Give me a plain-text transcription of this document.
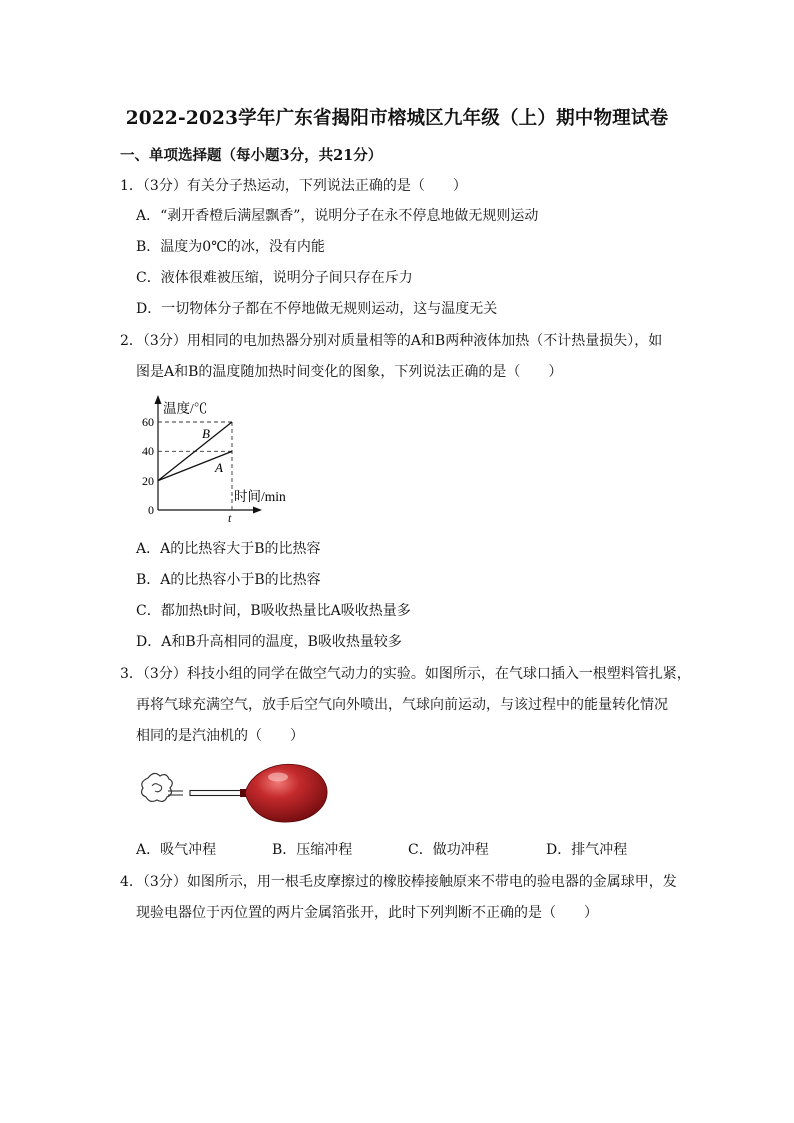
2022-2023学年广东省揭阳市榕城区九年级（上）期中物理试卷
一、单项选择题（每小题3分，共21分）
1．（3分）有关分子热运动，下列说法正确的是（　　）
A．“剥开香橙后满屋飘香”，说明分子在永不停息地做无规则运动
B．温度为0℃的冰，没有内能
C．液体很难被压缩，说明分子间只存在斥力
D．一切物体分子都在不停地做无规则运动，这与温度无关
2．（3分）用相同的电加热器分别对质量相等的A和B两种液体加热（不计热量损失），如
图是A和B的温度随加热时间变化的图象，下列说法正确的是（　　）
温度/℃
时间/min
0
20
40
60
t
B
A
A．A的比热容大于B的比热容
B．A的比热容小于B的比热容
C．都加热t时间，B吸收热量比A吸收热量多
D．A和B升高相同的温度，B吸收热量较多
3．（3分）科技小组的同学在做空气动力的实验。如图所示，在气球口插入一根塑料管扎紧，
再将气球充满空气，放手后空气向外喷出，气球向前运动，与该过程中的能量转化情况
相同的是汽油机的（　　）
A．吸气冲程	B．压缩冲程	C．做功冲程	D．排气冲程
4．（3分）如图所示，用一根毛皮摩擦过的橡胶棒接触原来不带电的验电器的金属球甲，发
现验电器位于丙位置的两片金属箔张开，此时下列判断不正确的是（　　）
